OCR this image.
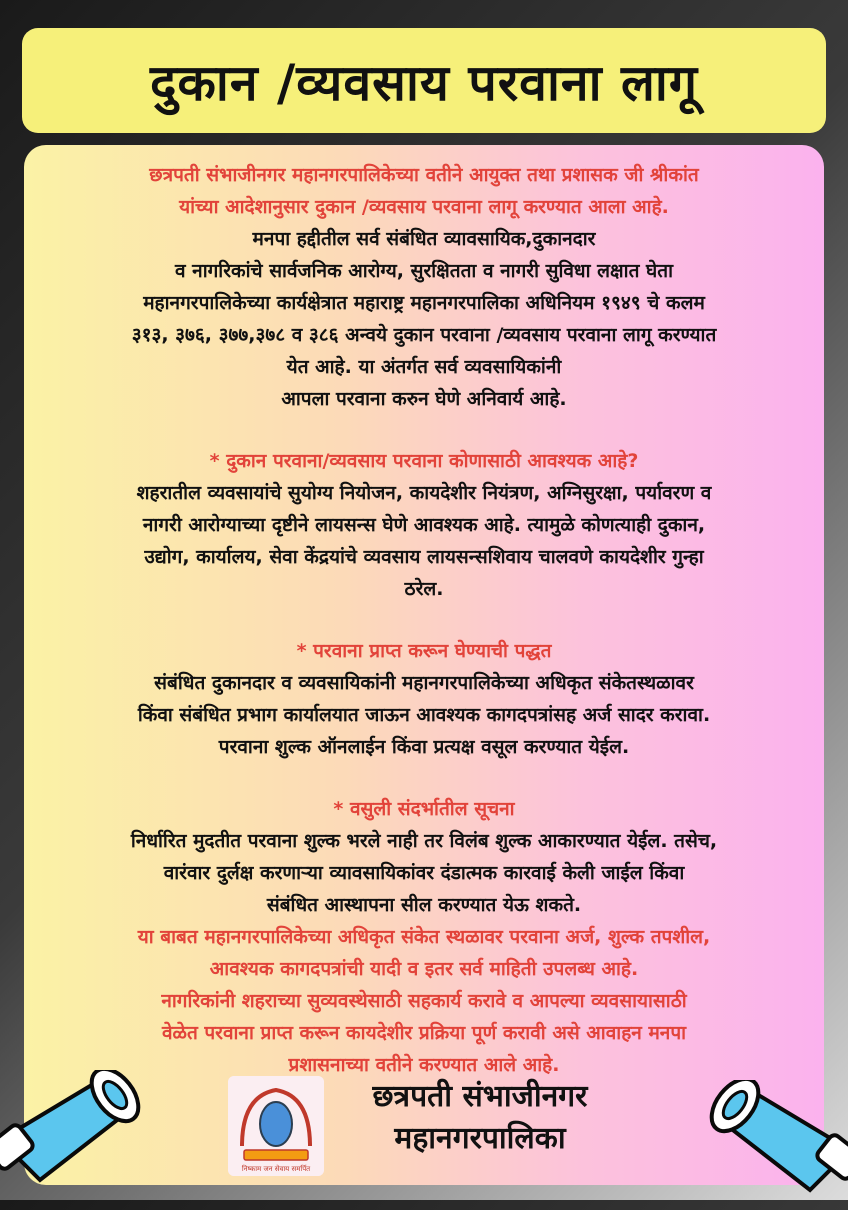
दुकान /व्यवसाय परवाना लागू

छत्रपती संभाजीनगर महानगरपालिकेच्या वतीने आयुक्त तथा प्रशासक जी श्रीकांत

यांच्या आदेशानुसार दुकान /व्यवसाय परवाना लागू करण्यात आला आहे.

मनपा हद्दीतील सर्व संबंधित व्यावसायिक,दुकानदार

व नागरिकांचे सार्वजनिक आरोग्य, सुरक्षितता व नागरी सुविधा लक्षात घेता

महानगरपालिकेच्या कार्यक्षेत्रात महाराष्ट्र महानगरपालिका अधिनियम १९४९ चे कलम

३१३, ३७६, ३७७,३७८ व ३८६ अन्वये दुकान परवाना /व्यवसाय परवाना लागू करण्यात

येत आहे. या अंतर्गत सर्व व्यवसायिकांनी

आपला परवाना करुन घेणे अनिवार्य आहे.

* दुकान परवाना/व्यवसाय परवाना कोणासाठी आवश्यक आहे?

शहरातील व्यवसायांचे सुयोग्य नियोजन, कायदेशीर नियंत्रण, अग्निसुरक्षा, पर्यावरण व

नागरी आरोग्याच्या दृष्टीने लायसन्स घेणे आवश्यक आहे. त्यामुळे कोणत्याही दुकान,

उद्योग, कार्यालय, सेवा केंद्रयांचे व्यवसाय लायसन्सशिवाय चालवणे कायदेशीर गुन्हा

ठरेल.

* परवाना प्राप्त करून घेण्याची पद्धत

संबंधित दुकानदार व व्यवसायिकांनी महानगरपालिकेच्या अधिकृत संकेतस्थळावर

किंवा संबंधित प्रभाग कार्यालयात जाऊन आवश्यक कागदपत्रांसह अर्ज सादर करावा.

परवाना शुल्क ऑनलाईन किंवा प्रत्यक्ष वसूल करण्यात येईल.

* वसुली संदर्भातील सूचना

निर्धारित मुदतीत परवाना शुल्क भरले नाही तर विलंब शुल्क आकारण्यात येईल. तसेच,

वारंवार दुर्लक्ष करणाऱ्या व्यावसायिकांवर दंडात्मक कारवाई केली जाईल किंवा

संबंधित आस्थापना सील करण्यात येऊ शकते.

या बाबत महानगरपालिकेच्या अधिकृत संकेत स्थळावर परवाना अर्ज, शुल्क तपशील,

आवश्यक कागदपत्रांची यादी व इतर सर्व माहिती उपलब्ध आहे.

नागरिकांनी शहराच्या सुव्यवस्थेसाठी सहकार्य करावे व आपल्या व्यवसायासाठी

वेळेत परवाना प्राप्त करून कायदेशीर प्रक्रिया पूर्ण करावी असे आवाहन मनपा

प्रशासनाच्या वतीने करण्यात आले आहे.

निष्काम जन सेवाय समर्पित
छत्रपती संभाजीनगर
महानगरपालिका
